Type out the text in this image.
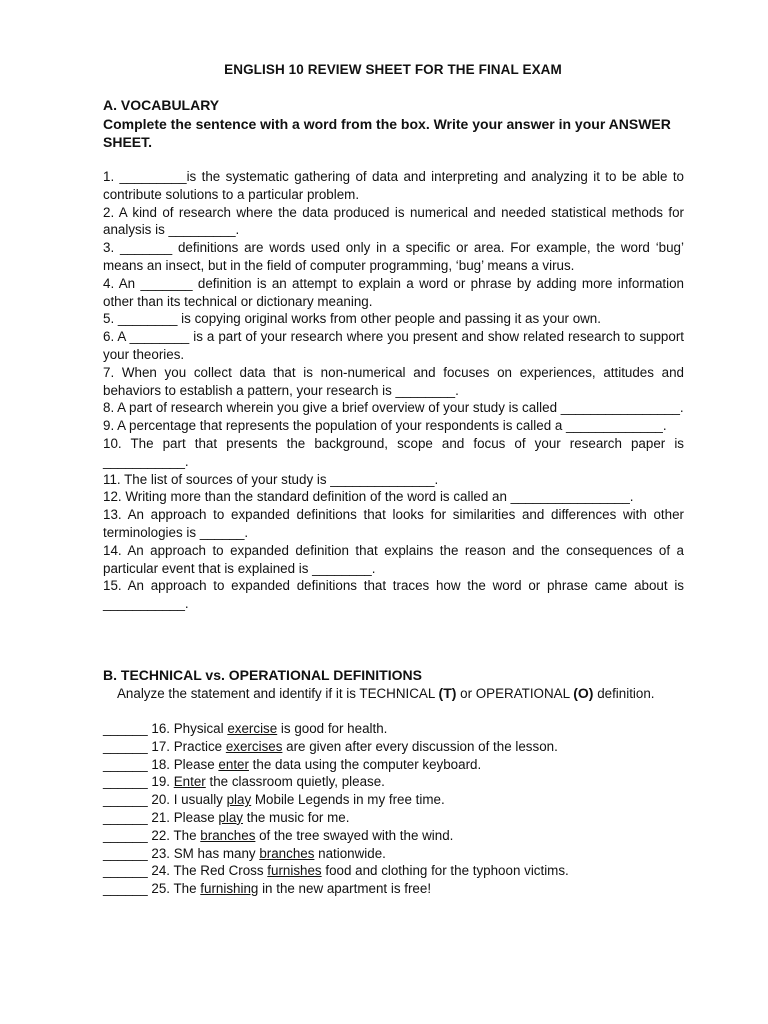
ENGLISH 10 REVIEW SHEET FOR THE FINAL EXAM
A. VOCABULARY
Complete the sentence with a word from the box. Write your answer in your ANSWER SHEET.
1. _________is the systematic gathering of data and interpreting and analyzing it to be able to contribute solutions to a particular problem.
2. A kind of research where the data produced is numerical and needed statistical methods for analysis is _________.
3. _______ definitions are words used only in a specific or area. For example, the word ‘bug’ means an insect, but in the field of computer programming, ‘bug’ means a virus.
4. An _______ definition is an attempt to explain a word or phrase by adding more information other than its technical or dictionary meaning.
5. ________ is copying original works from other people and passing it as your own.
6. A ________ is a part of your research where you present and show related research to support your theories.
7. When you collect data that is non-numerical and focuses on experiences, attitudes and behaviors to establish a pattern, your research is ________.
8. A part of research wherein you give a brief overview of your study is called ________________.
9. A percentage that represents the population of your respondents is called a _____________.
10. The part that presents the background, scope and focus of your research paper is ___________.
11. The list of sources of your study is ______________.
12. Writing more than the standard definition of the word is called an ________________.
13. An approach to expanded definitions that looks for similarities and differences with other terminologies is ______.
14. An approach to expanded definition that explains the reason and the consequences of a particular event that is explained is ________.
15. An approach to expanded definitions that traces how the word or phrase came about is ___________.
B. TECHNICAL vs. OPERATIONAL DEFINITIONS
Analyze the statement and identify if it is TECHNICAL (T) or OPERATIONAL (O) definition.
______ 16. Physical exercise is good for health.
______ 17. Practice exercises are given after every discussion of the lesson.
______ 18. Please enter the data using the computer keyboard.
______ 19. Enter the classroom quietly, please.
______ 20. I usually play Mobile Legends in my free time.
______ 21. Please play the music for me.
______ 22. The branches of the tree swayed with the wind.
______ 23. SM has many branches nationwide.
______ 24. The Red Cross furnishes food and clothing for the typhoon victims.
______ 25. The furnishing in the new apartment is free!
